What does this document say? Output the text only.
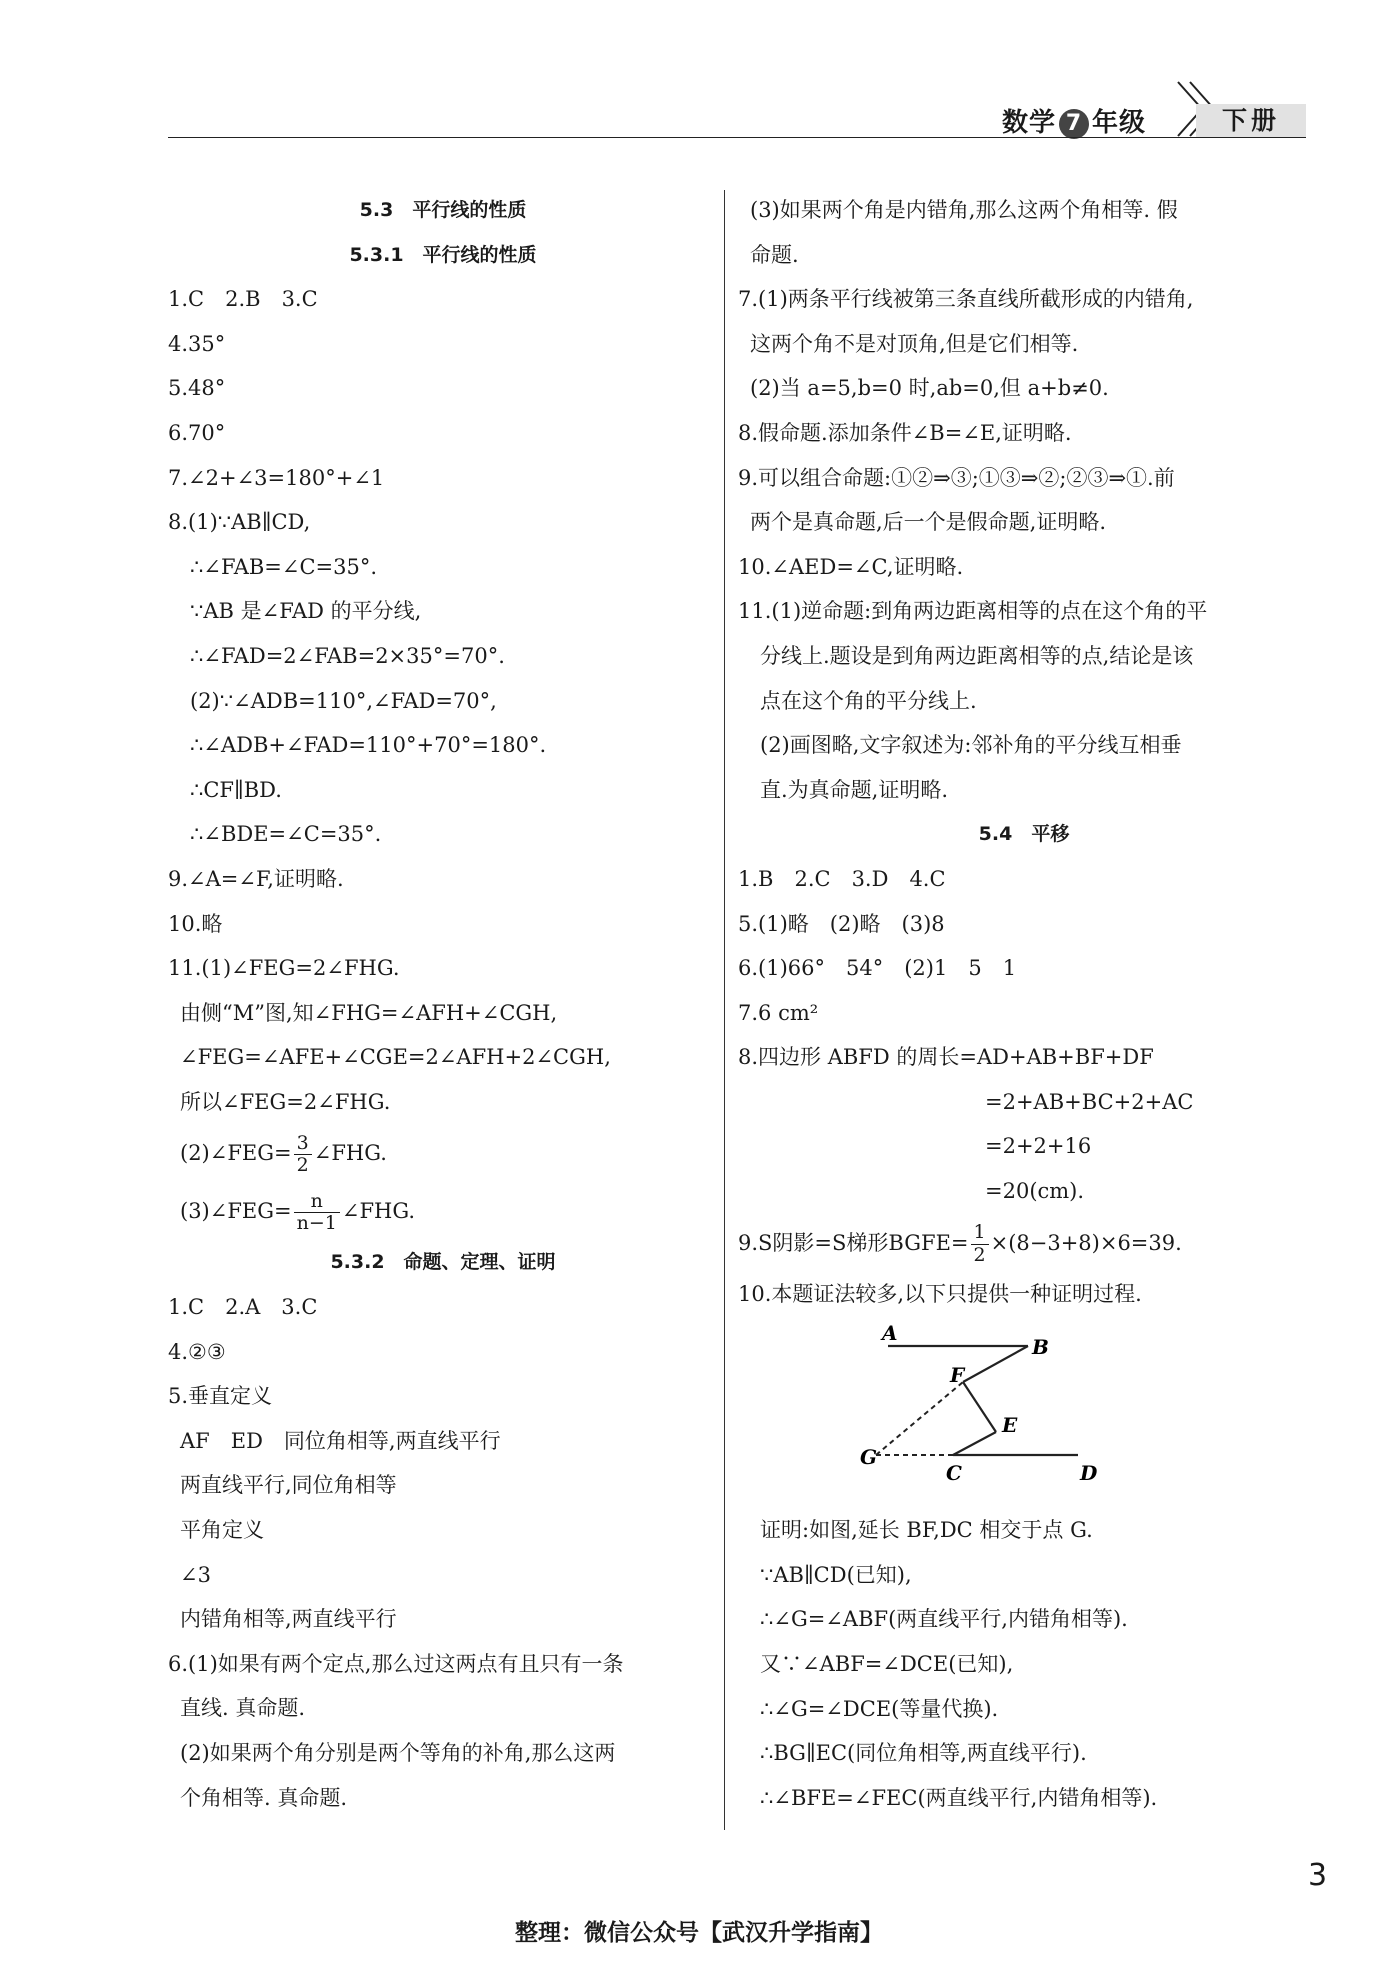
数学 7 年级	下册
5.3　平行线的性质
5.3.1　平行线的性质
1.C　2.B　3.C
4.35°
5.48°
6.70°
7.∠2+∠3=180°+∠1
8.(1)∵AB∥CD,
∴∠FAB=∠C=35°.
∵AB 是∠FAD 的平分线,
∴∠FAD=2∠FAB=2×35°=70°.
(2)∵∠ADB=110°,∠FAD=70°,
∴∠ADB+∠FAD=110°+70°=180°.
∴CF∥BD.
∴∠BDE=∠C=35°.
9.∠A=∠F,证明略.
10.略
11.(1)∠FEG=2∠FHG.
由侧“M”图,知∠FHG=∠AFH+∠CGH,
∠FEG=∠AFE+∠CGE=2∠AFH+2∠CGH,
所以∠FEG=2∠FHG.
(2)∠FEG= $\frac{3}{2}$ ∠FHG.
(3)∠FEG= $\frac{n}{n-1}$ ∠FHG.
5.3.2　命题、定理、证明
1.C　2.A　3.C
4.②③
5.垂直定义
AF　ED　同位角相等,两直线平行
两直线平行,同位角相等
平角定义
∠3
内错角相等,两直线平行
6.(1)如果有两个定点,那么过这两点有且只有一条
直线. 真命题.
(2)如果两个角分别是两个等角的补角,那么这两
个角相等. 真命题.
(3)如果两个角是内错角,那么这两个角相等. 假
命题.
7.(1)两条平行线被第三条直线所截形成的内错角,
这两个角不是对顶角,但是它们相等.
(2)当 a=5,b=0 时,ab=0,但 a+b≠0.
8.假命题.添加条件∠B=∠E,证明略.
9.可以组合命题:①②⇒③;①③⇒②;②③⇒①.前
两个是真命题,后一个是假命题,证明略.
10.∠AED=∠C,证明略.
11.(1)逆命题:到角两边距离相等的点在这个角的平
分线上.题设是到角两边距离相等的点,结论是该
点在这个角的平分线上.
(2)画图略,文字叙述为:邻补角的平分线互相垂
直.为真命题,证明略.
5.4　平移
1.B　2.C　3.D　4.C
5.(1)略　(2)略　(3)8
6.(1)66°　54°　(2)1　5　1
7.6 cm²
8.四边形 ABFD 的周长=AD+AB+BF+DF
=2+AB+BC+2+AC
=2+2+16
=20(cm).
9.S阴影=S梯形BGFE= $\frac{1}{2} \times(8-3+8)\times 6=39$.
10.本题证法较多,以下只提供一种证明过程.
A
B
F
E
G
C	D
证明:如图,延长 BF,DC 相交于点 G.
∵AB∥CD(已知),
∴∠G=∠ABF(两直线平行,内错角相等).
又∵∠ABF=∠DCE(已知),
∴∠G=∠DCE(等量代换).
∴BG∥EC(同位角相等,两直线平行).
∴∠BFE=∠FEC(两直线平行,内错角相等).
3
整理：微信公众号【武汉升学指南】
